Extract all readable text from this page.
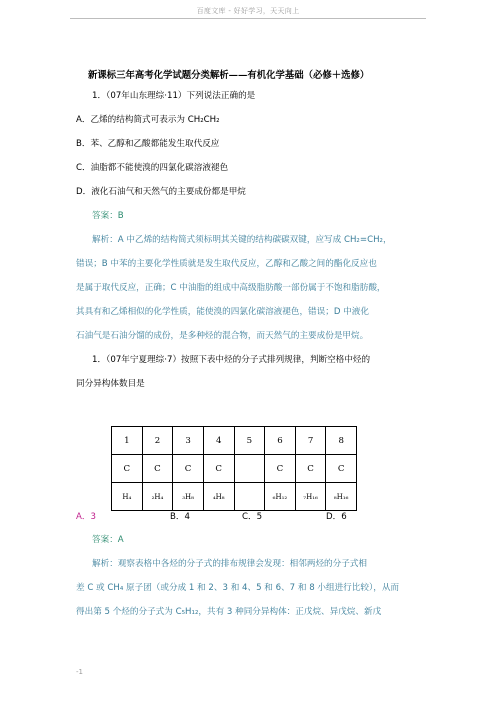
百度文库 - 好好学习，天天向上
新课标三年高考化学试题分类解析——有机化学基础（必修＋选修）
1．（07年山东理综·11）下列说法正确的是
A．乙烯的结构简式可表示为 CH₂CH₂
B．苯、乙醇和乙酸都能发生取代反应
C．油脂都不能使溴的四氯化碳溶液褪色
D．液化石油气和天然气的主要成份都是甲烷
答案：B
解析：A 中乙烯的结构简式须标明其关键的结构碳碳双键，应写成 CH₂=CH₂，
错误；B 中苯的主要化学性质就是发生取代反应，乙醇和乙酸之间的酯化反应也
是属于取代反应，正确；C 中油脂的组成中高级脂肪酸一部份属于不饱和脂肪酸，
其具有和乙烯相似的化学性质，能使溴的四氯化碳溶液褪色，错误；D 中液化
石油气是石油分馏的成份，是多种烃的混合物，而天然气的主要成份是甲烷。
1．（07年宁夏理综·7）按照下表中烃的分子式排列规律，判断空格中烃的
同分异构体数目是
1	2	3	4	5	6	7	8
C	C	C	C		C	C	C
H₄	₂H₄	₃H₈	₄H₈		₆H₁₂	₇H₁₆	₈H₁₆
A．3	B．4	C．5	D．6
答案：A
解析：观察表格中各烃的分子式的排布规律会发现：相邻两烃的分子式相
差 C 或 CH₄ 原子团（或分成 1 和 2、3 和 4、5 和 6、7 和 8 小组进行比较），从而
得出第 5 个烃的分子式为 C₅H₁₂，共有 3 种同分异构体：正戊烷、异戊烷、新戊
-1
